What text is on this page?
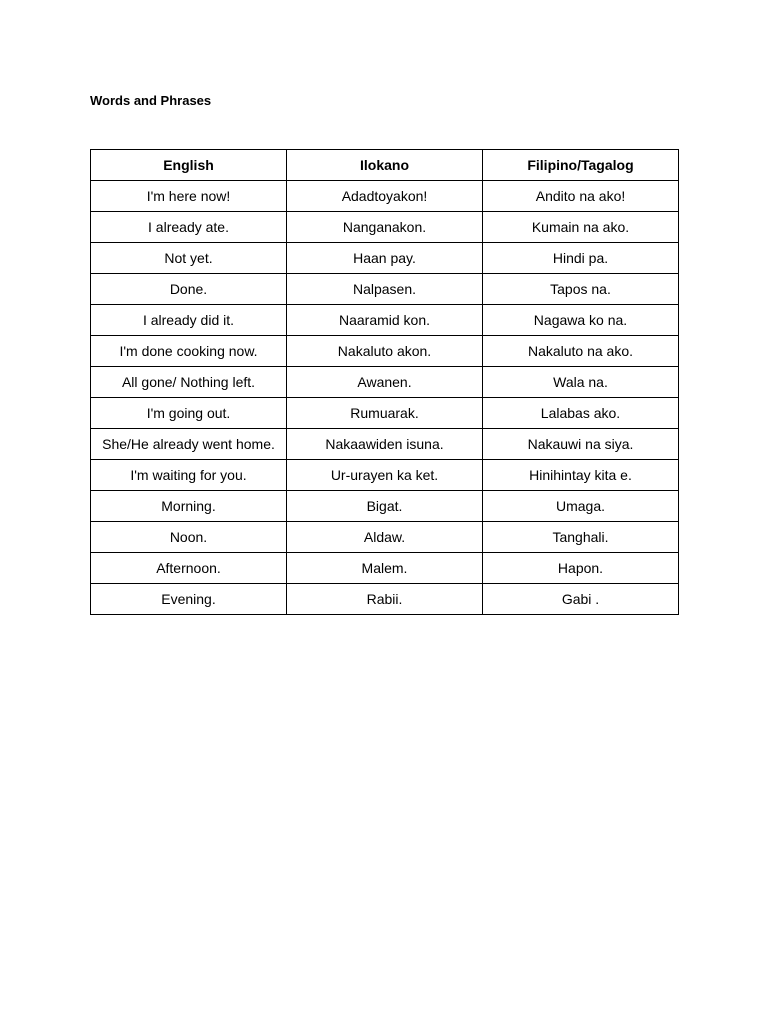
Words and Phrases
English	Ilokano	Filipino/Tagalog
I'm here now!	Adadtoyakon!	Andito na ako!
I already ate.	Nanganakon.	Kumain na ako.
Not yet.	Haan pay.	Hindi pa.
Done.	Nalpasen.	Tapos na.
I already did it.	Naaramid kon.	Nagawa ko na.
I'm done cooking now.	Nakaluto akon.	Nakaluto na ako.
All gone/ Nothing left.	Awanen.	Wala na.
I'm going out.	Rumuarak.	Lalabas ako.
She/He already went home.	Nakaawiden isuna.	Nakauwi na siya.
I'm waiting for you.	Ur-urayen ka ket.	Hinihintay kita e.
Morning.	Bigat.	Umaga.
Noon.	Aldaw.	Tanghali.
Afternoon.	Malem.	Hapon.
Evening.	Rabii.	Gabi .
